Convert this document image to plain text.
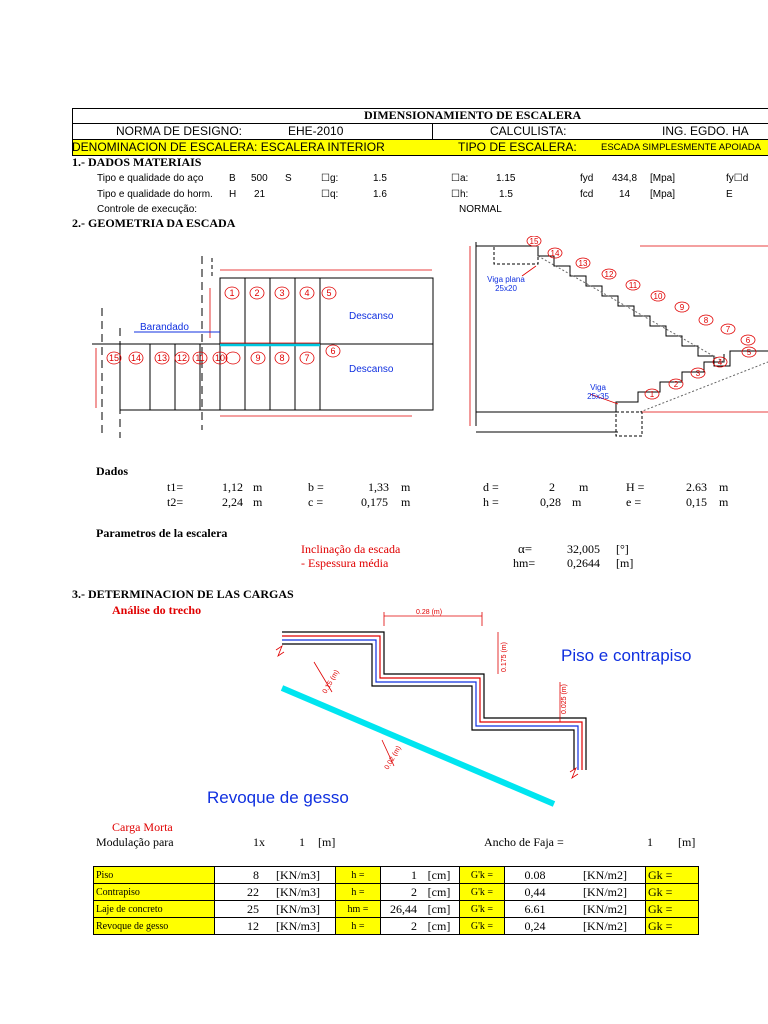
DIMENSIONAMIENTO DE ESCALERA
NORMA DE DESIGNO:	EHE-2010	CALCULISTA:	ING. EGDO. HA
DENOMINACION DE ESCALERA: ESCALERA INTERIOR	TIPO DE ESCALERA:	ESCADA SIMPLESMENTE APOIADA
1.- DADOS MATERIAIS
Tipo e qualidade do aço	B 500 S	☐g:	1.5	☐a:	1.15	fyd 434,8 [Mpa]	fy☐d
Tipo e qualidade do horm. H 21	☐q:	1.6	☐h:	1.5	fcd	14 [Mpa]	E
Controle de execução:	NORMAL
2.- GEOMETRIA DA ESCADA
1 2 3 4 5
6
15 14 13 12 11 10	9 8 7
Barandado
Descanso
Descanso
15
14
13
12
11
10
9
8
7
6
5
4
3
2
1
Viga plana
25x20
Viga
25x35
Dados
t1=	1,12 m	b =	1,33 m	d =	2 m	H =	2.63 m
t2=	2,24 m	c =	0,175 m	h =	0,28 m	e =	0,15 m
Parametros de la escalera
Inclinação da escada	α=	32,005 [°]
- Espessura média	hm=	0,2644 [m]
3.- DETERMINACION DE LAS CARGAS
Análise do trecho	0.28 (m)
0.175 (m)
0.025 (m)
0.15 (m)
0.02 (m)
Piso e contrapiso
Revoque de gesso
Carga Morta
Modulação para	1x	1 [m]	Ancho de Faja =	1 [m]
Piso	8	[KN/m3]	h =	1	[cm]	G'k =	0.08	[KN/m2]	Gk =
Contrapiso	22	[KN/m3]	h =	2	[cm]	G'k =	0,44	[KN/m2]	Gk =
Laje de concreto	25	[KN/m3]	hm =	26,44	[cm]	G'k =	6.61	[KN/m2]	Gk =
Revoque de gesso	12	[KN/m3]	h =	2	[cm]	G'k =	0,24	[KN/m2]	Gk =
